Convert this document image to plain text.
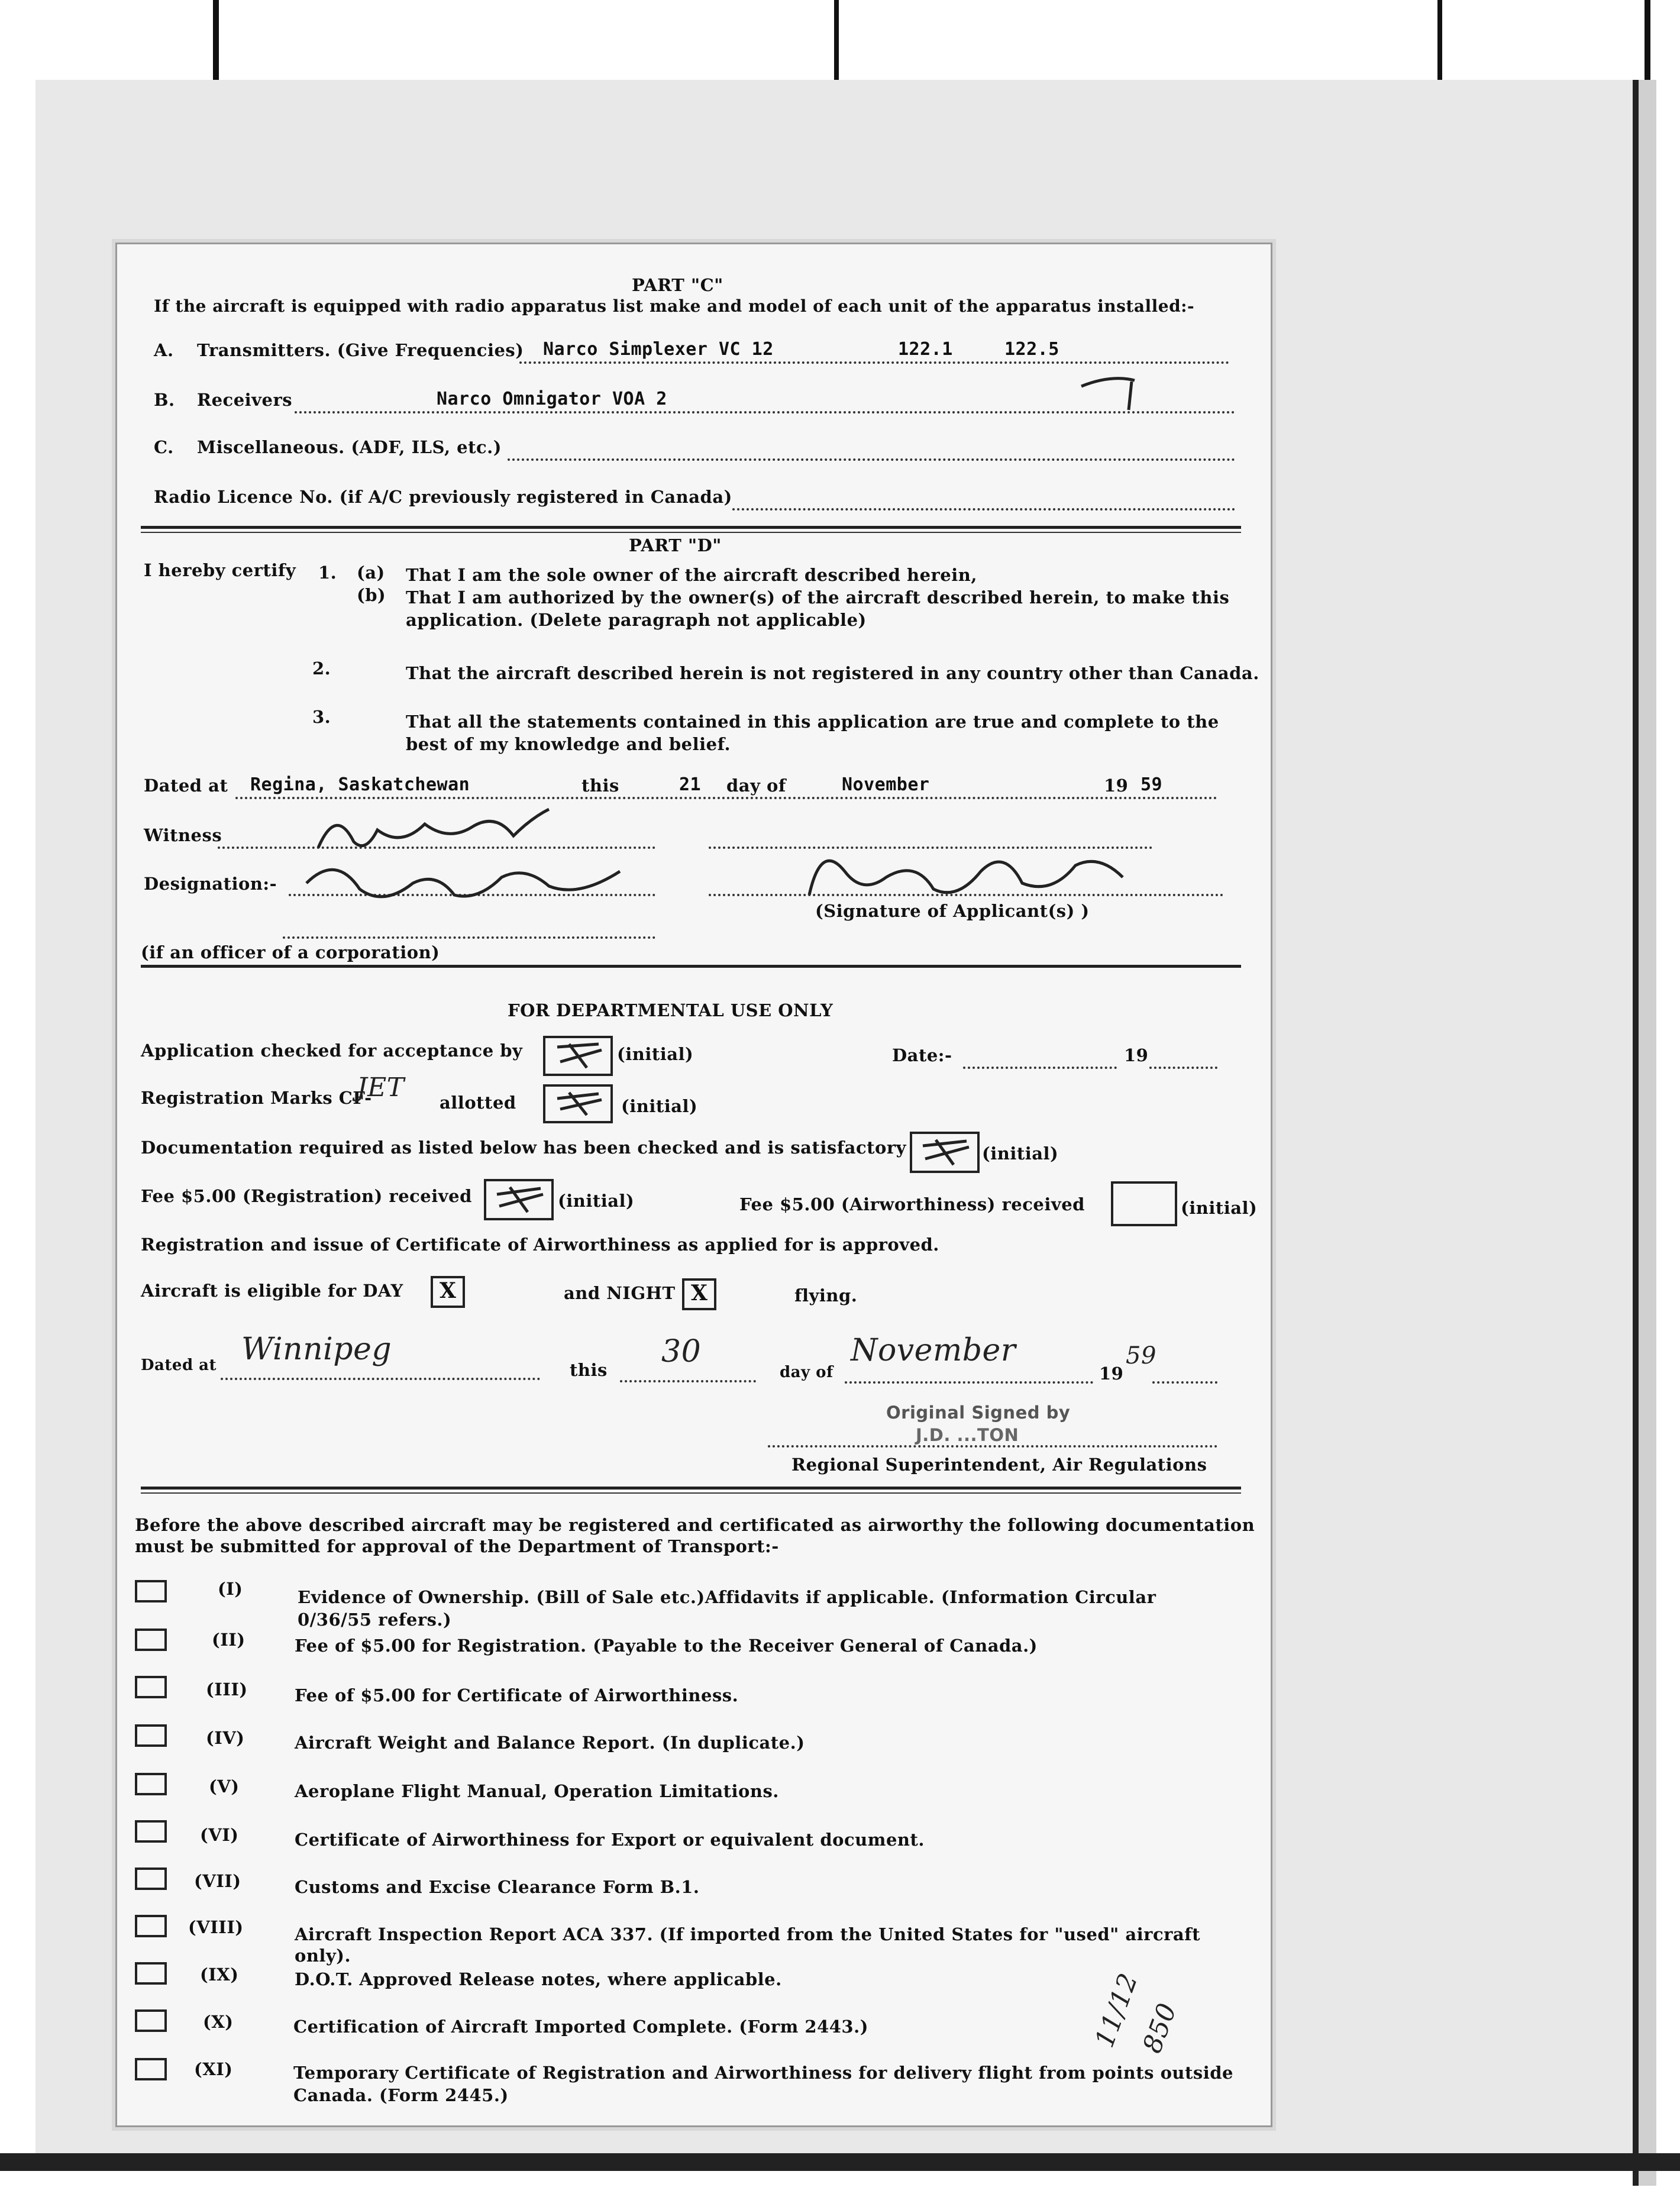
PART "C"
If the aircraft is equipped with radio apparatus list make and model of each unit of the apparatus installed:-
A. Transmitters. (Give Frequencies) Narco Simplexer VC 12	122.1	122.5
B. Receivers	Narco Omnigator VOA 2
C. Miscellaneous. (ADF, ILS, etc.)
Radio Licence No. (if A/C previously registered in Canada)
PART "D"
I hereby certify 1. (a) That I am the sole owner of the aircraft described herein,
(b) That I am authorized by the owner(s) of the aircraft described herein, to make this
application. (Delete paragraph not applicable)
2.	That the aircraft described herein is not registered in any country other than Canada.
3.	That all the statements contained in this application are true and complete to the
best of my knowledge and belief.
Dated at Regina, Saskatchewan	this	21 day of	November	19 59
Witness
Designation:-
(Signature of Applicant(s) )
(if an officer of a corporation)
FOR DEPARTMENTAL USE ONLY
Application checked for acceptance by	(initial)	Date:-	19
Registration Marks CF-
JET allotted	(initial)
Documentation required as listed below has been checked and is satisfactory	(initial)
Fee $5.00 (Registration) received	(initial)	Fee $5.00 (Airworthiness) received	(initial)
Registration and issue of Certificate of Airworthiness as applied for is approved.
Aircraft is eligible for DAY	X	and NIGHT X	flying.
Dated at Winnipeg
this
30
day of
November
19
59
Original Signed by
J.D. ...TON
Regional Superintendent, Air Regulations
Before the above described aircraft may be registered and certificated as airworthy the following documentation
must be submitted for approval of the Department of Transport:-
(I)	Evidence of Ownership. (Bill of Sale etc.)Affidavits if applicable. (Information Circular
0/36/55 refers.)
(II)	Fee of $5.00 for Registration. (Payable to the Receiver General of Canada.)
(III)	Fee of $5.00 for Certificate of Airworthiness.
(IV)	Aircraft Weight and Balance Report. (In duplicate.)
(V)	Aeroplane Flight Manual, Operation Limitations.
(VI)	Certificate of Airworthiness for Export or equivalent document.
(VII)	Customs and Excise Clearance Form B.1.
(VIII)	Aircraft Inspection Report ACA 337. (If imported from the United States for "used" aircraft
only).
(IX)	D.O.T. Approved Release notes, where applicable.
(X)	Certification of Aircraft Imported Complete. (Form 2443.)
(XI)	Temporary Certificate of Registration and Airworthiness for delivery flight from points outside
Canada. (Form 2445.)
11/12
850
